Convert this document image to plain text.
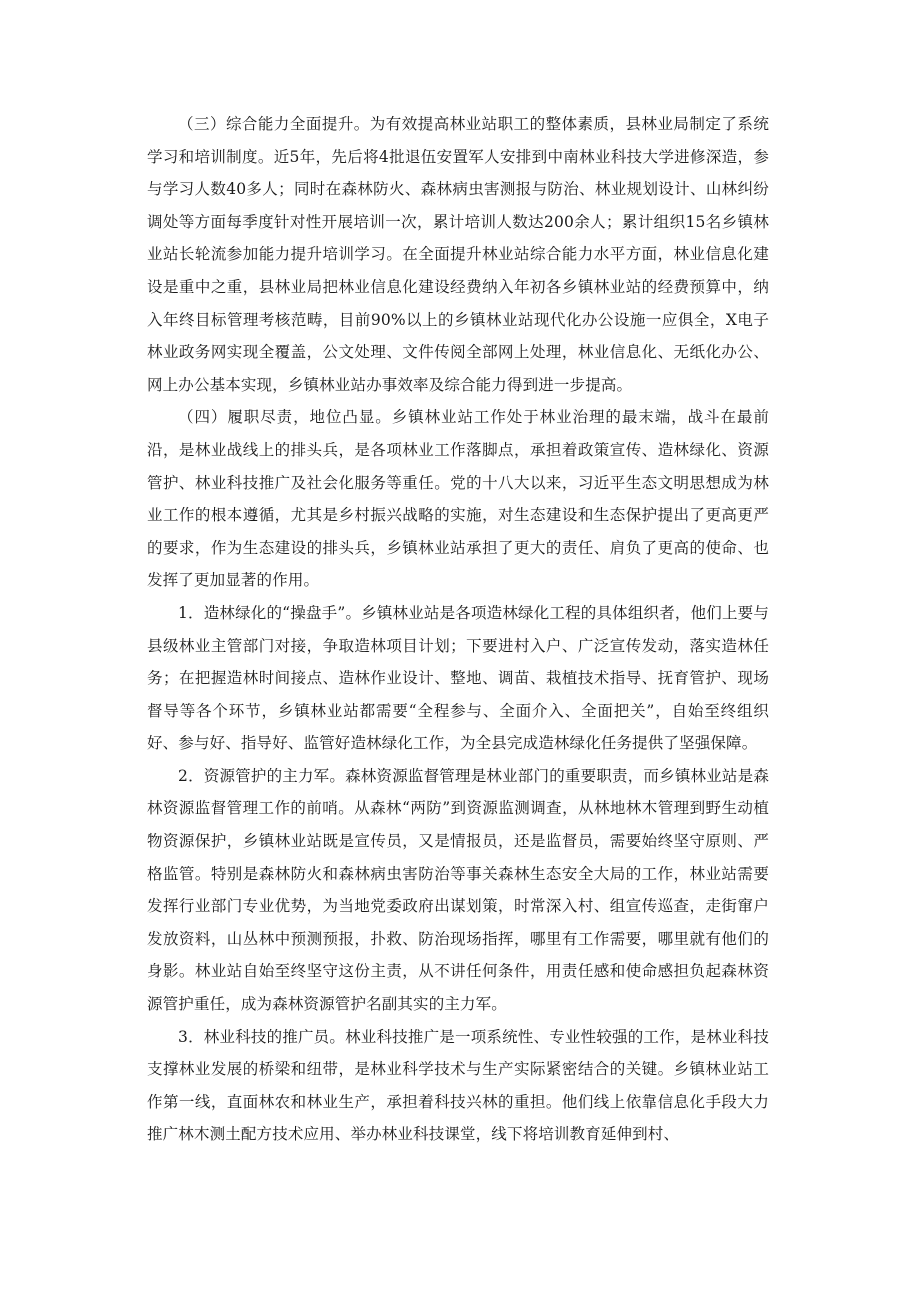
（三）综合能力全面提升。为有效提高林业站职工的整体素质，县林业局制定了系统学习和培训制度。近5年，先后将4批退伍安置军人安排到中南林业科技大学进修深造，参与学习人数40多人；同时在森林防火、森林病虫害测报与防治、林业规划设计、山林纠纷调处等方面每季度针对性开展培训一次，累计培训人数达200余人；累计组织15名乡镇林业站长轮流参加能力提升培训学习。在全面提升林业站综合能力水平方面，林业信息化建设是重中之重，县林业局把林业信息化建设经费纳入年初各乡镇林业站的经费预算中，纳入年终目标管理考核范畴，目前90%以上的乡镇林业站现代化办公设施一应俱全，X电子林业政务网实现全覆盖，公文处理、文件传阅全部网上处理，林业信息化、无纸化办公、网上办公基本实现，乡镇林业站办事效率及综合能力得到进一步提高。

（四）履职尽责，地位凸显。乡镇林业站工作处于林业治理的最末端，战斗在最前沿，是林业战线上的排头兵，是各项林业工作落脚点，承担着政策宣传、造林绿化、资源管护、林业科技推广及社会化服务等重任。党的十八大以来，习近平生态文明思想成为林业工作的根本遵循，尤其是乡村振兴战略的实施，对生态建设和生态保护提出了更高更严的要求，作为生态建设的排头兵，乡镇林业站承担了更大的责任、肩负了更高的使命、也发挥了更加显著的作用。

1．造林绿化的“操盘手”。乡镇林业站是各项造林绿化工程的具体组织者，他们上要与县级林业主管部门对接，争取造林项目计划；下要进村入户、广泛宣传发动，落实造林任务；在把握造林时间接点、造林作业设计、整地、调苗、栽植技术指导、抚育管护、现场督导等各个环节，乡镇林业站都需要“全程参与、全面介入、全面把关”，自始至终组织好、参与好、指导好、监管好造林绿化工作，为全县完成造林绿化任务提供了坚强保障。

2．资源管护的主力军。森林资源监督管理是林业部门的重要职责，而乡镇林业站是森林资源监督管理工作的前哨。从森林“两防”到资源监测调查，从林地林木管理到野生动植物资源保护，乡镇林业站既是宣传员，又是情报员，还是监督员，需要始终坚守原则、严格监管。特别是森林防火和森林病虫害防治等事关森林生态安全大局的工作，林业站需要发挥行业部门专业优势，为当地党委政府出谋划策，时常深入村、组宣传巡查，走街窜户发放资料，山丛林中预测预报，扑救、防治现场指挥，哪里有工作需要，哪里就有他们的身影。林业站自始至终坚守这份主责，从不讲任何条件，用责任感和使命感担负起森林资源管护重任，成为森林资源管护名副其实的主力军。

3．林业科技的推广员。林业科技推广是一项系统性、专业性较强的工作，是林业科技支撑林业发展的桥梁和纽带，是林业科学技术与生产实际紧密结合的关键。乡镇林业站工作第一线，直面林农和林业生产，承担着科技兴林的重担。他们线上依靠信息化手段大力推广林木测土配方技术应用、举办林业科技课堂，线下将培训教育延伸到村、
